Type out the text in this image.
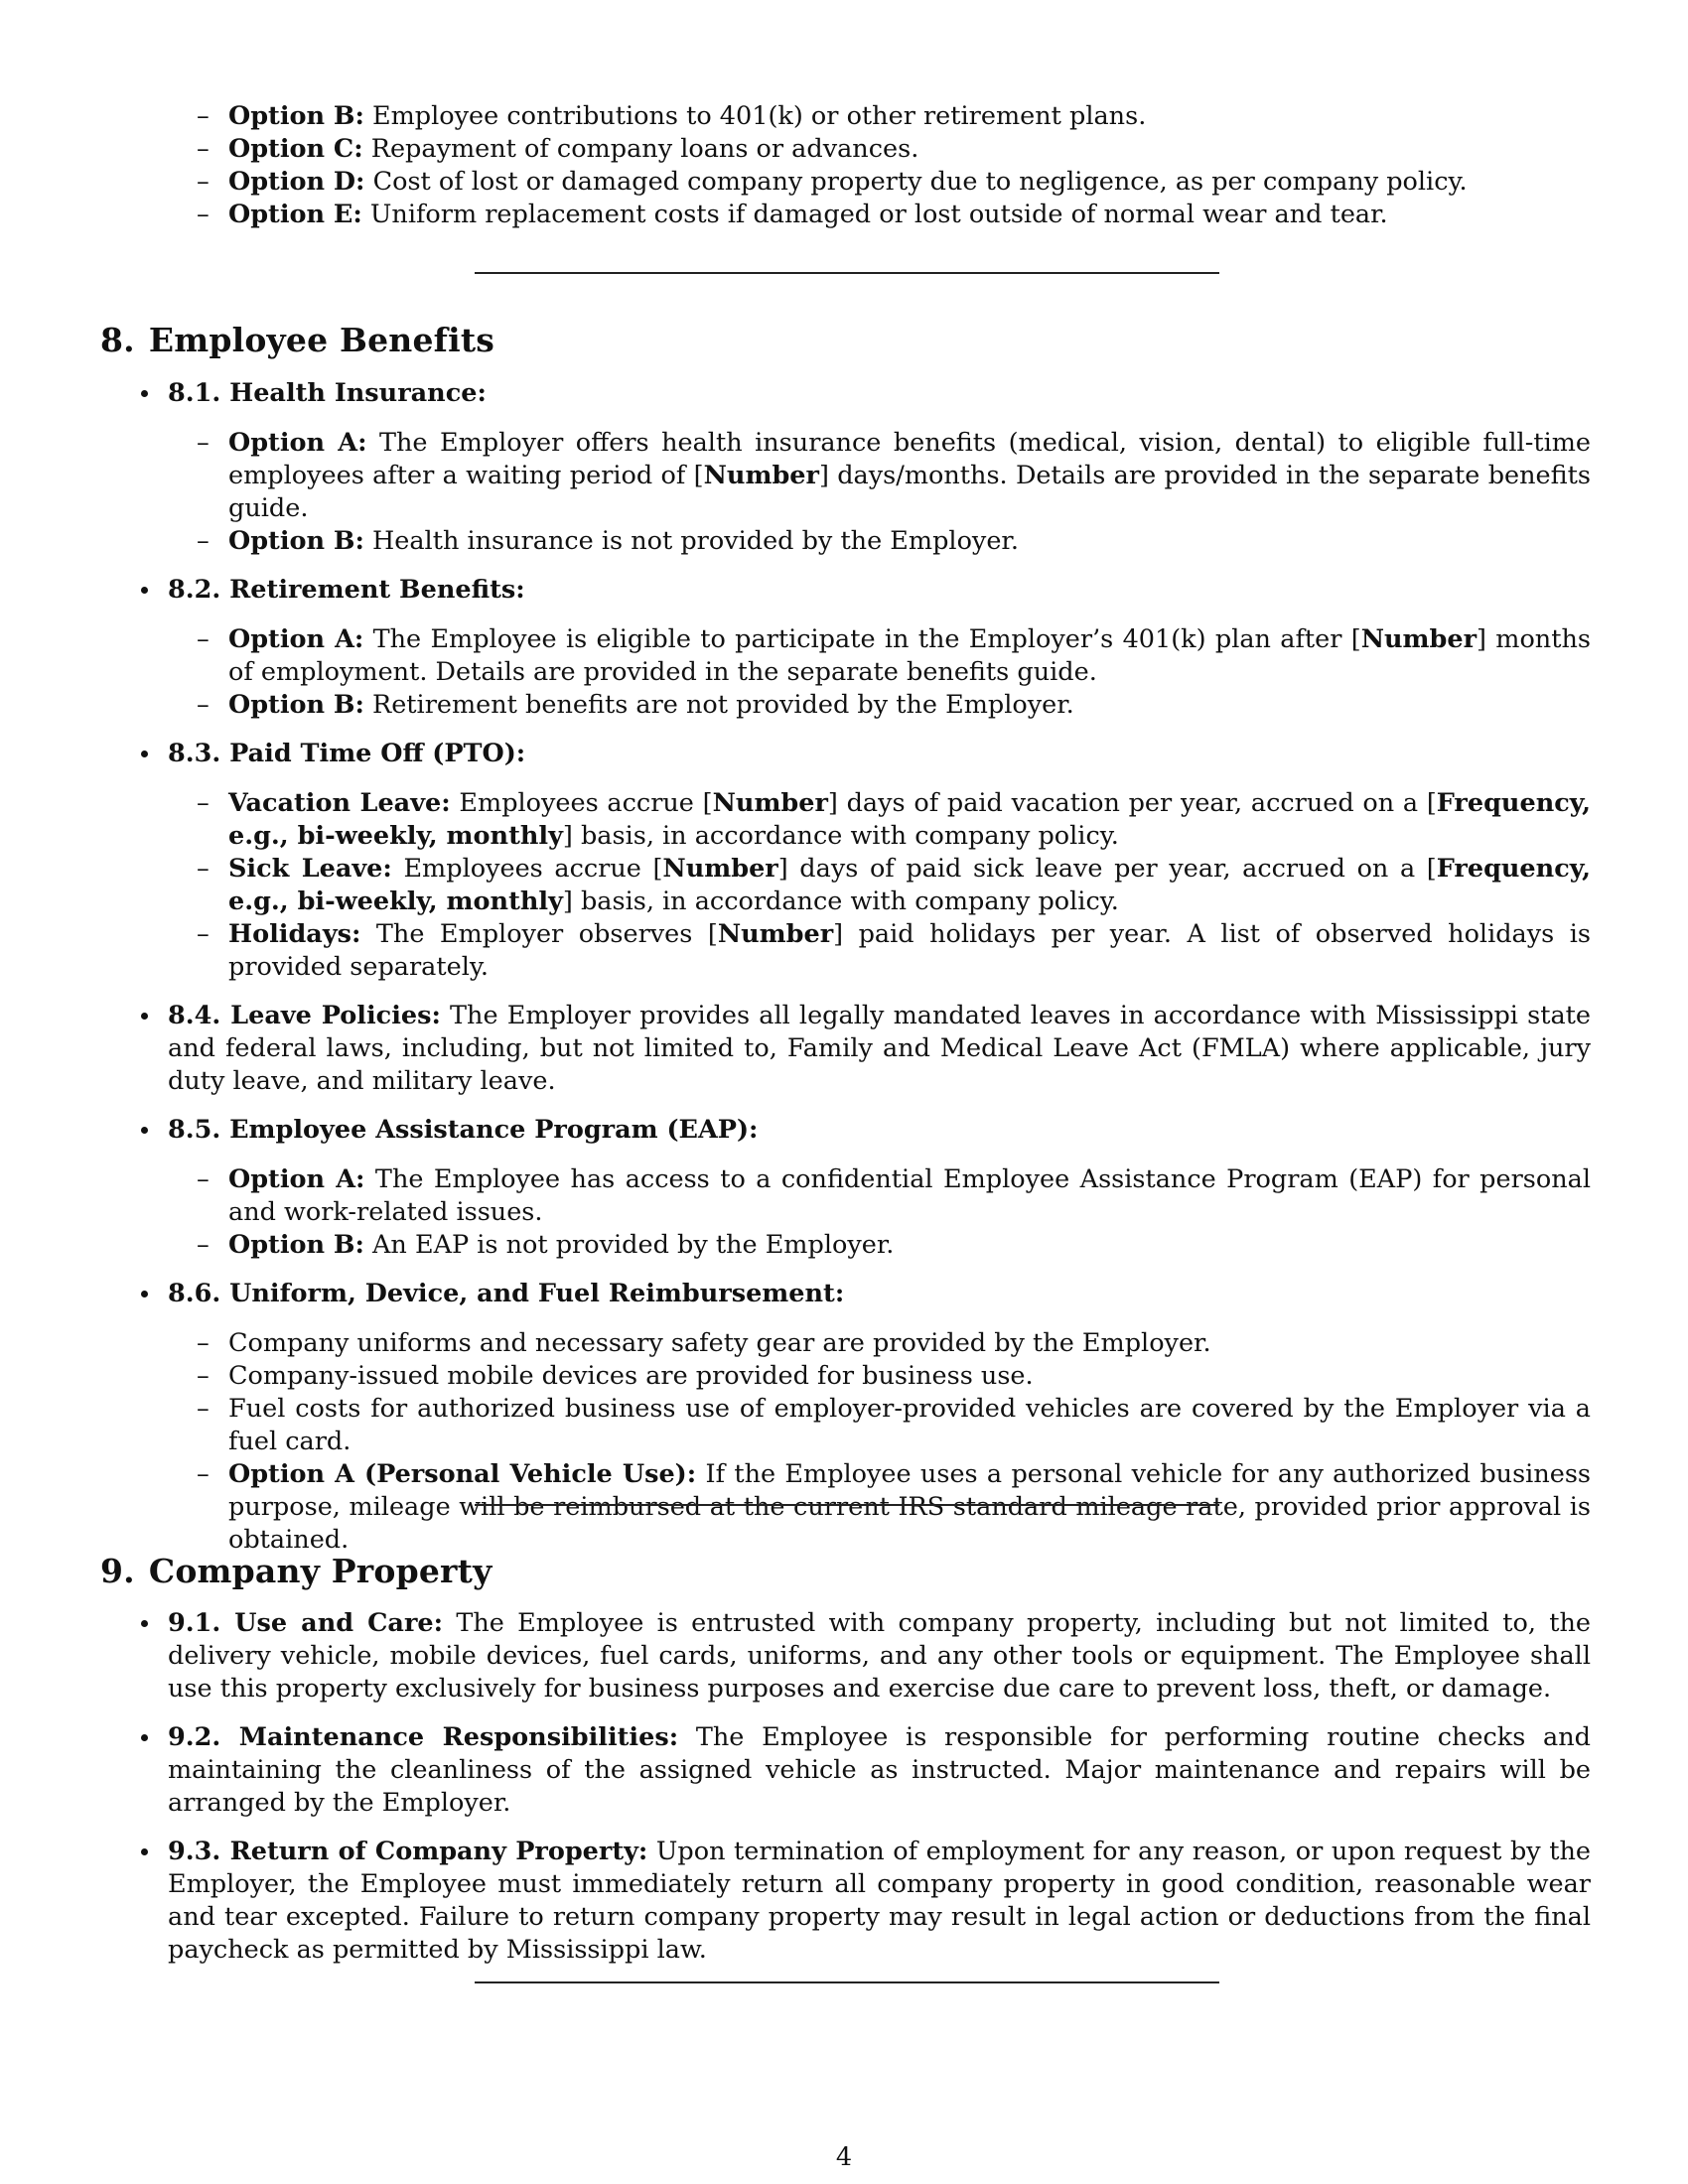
– Option B: Employee contributions to 401(k) or other retirement plans.
– Option C: Repayment of company loans or advances.
– Option D: Cost of lost or damaged company property due to negligence, as per company policy.
– Option E: Uniform replacement costs if damaged or lost outside of normal wear and tear.
8. Employee Benefits
8.1. Health Insurance:
– Option A: The Employer offers health insurance benefits (medical, vision, dental) to eligible full-time employees after a waiting period of [Number] days/months. Details are provided in the separate benefits guide.
– Option B: Health insurance is not provided by the Employer.
8.2. Retirement Benefits:
– Option A: The Employee is eligible to participate in the Employer’s 401(k) plan after [Number] months of employment. Details are provided in the separate benefits guide.
– Option B: Retirement benefits are not provided by the Employer.
8.3. Paid Time Off (PTO):
– Vacation Leave: Employees accrue [Number] days of paid vacation per year, accrued on a [Frequency, e.g., bi-weekly, monthly] basis, in accordance with company policy.
– Sick Leave: Employees accrue [Number] days of paid sick leave per year, accrued on a [Frequency, e.g., bi-weekly, monthly] basis, in accordance with company policy.
– Holidays: The Employer observes [Number] paid holidays per year. A list of observed holidays is provided separately.
8.4. Leave Policies: The Employer provides all legally mandated leaves in accordance with Mississippi state and federal laws, including, but not limited to, Family and Medical Leave Act (FMLA) where applicable, jury duty leave, and military leave.
8.5. Employee Assistance Program (EAP):
– Option A: The Employee has access to a confidential Employee Assistance Program (EAP) for personal and work-related issues.
– Option B: An EAP is not provided by the Employer.
8.6. Uniform, Device, and Fuel Reimbursement:
– Company uniforms and necessary safety gear are provided by the Employer.
– Company-issued mobile devices are provided for business use.
– Fuel costs for authorized business use of employer-provided vehicles are covered by the Employer via a fuel card.
– Option A (Personal Vehicle Use): If the Employee uses a personal vehicle for any authorized business purpose, mileage will be reimbursed at the current IRS standard mileage rate, provided prior approval is obtained.
9. Company Property
9.1. Use and Care: The Employee is entrusted with company property, including but not limited to, the delivery vehicle, mobile devices, fuel cards, uniforms, and any other tools or equipment. The Employee shall use this property exclusively for business purposes and exercise due care to prevent loss, theft, or damage.
9.2. Maintenance Responsibilities: The Employee is responsible for performing routine checks and maintaining the cleanliness of the assigned vehicle as instructed. Major maintenance and repairs will be arranged by the Employer.
9.3. Return of Company Property: Upon termination of employment for any reason, or upon request by the Employer, the Employee must immediately return all company property in good condition, reasonable wear and tear excepted. Failure to return company property may result in legal action or deductions from the final paycheck as permitted by Mississippi law.
4
